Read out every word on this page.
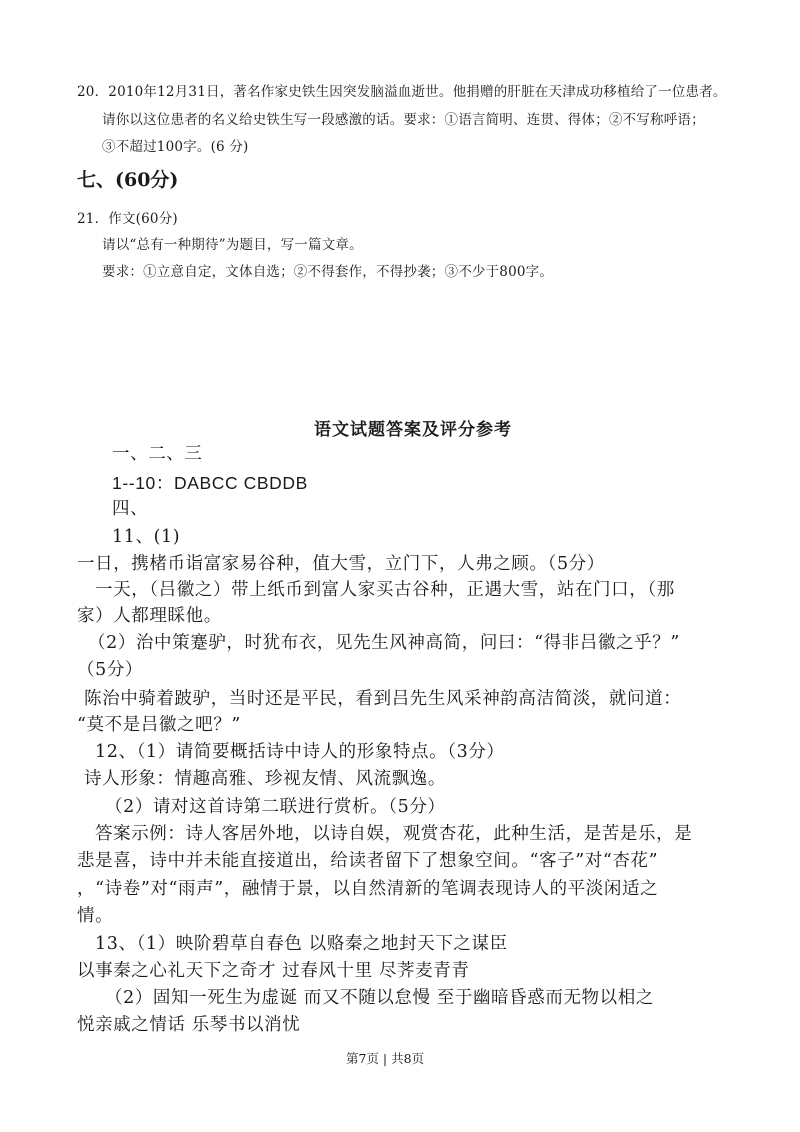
20．2010年12月31日，著名作家史铁生因突发脑溢血逝世。他捐赠的肝脏在天津成功移植给了一位患者。
请你以这位患者的名义给史铁生写一段感激的话。要求：①语言简明、连贯、得体；②不写称呼语；
③不超过100字。(6 分)
七、(60分)
21．作文(60分)
请以“总有一种期待”为题目，写一篇文章。
要求：①立意自定，文体自选；②不得套作，不得抄袭；③不少于800字。
语文试题答案及评分参考
一、二、三
1--10：DABCC CBDDB
四、
11、(1)
一日，携楮币诣富家易谷种，值大雪，立门下，人弗之顾。（5分）
一天，（吕徽之）带上纸币到富人家买古谷种，正遇大雪，站在门口，（那
家）人都理睬他。
（2）治中策蹇驴，时犹布衣，见先生风神高简，问曰：“得非吕徽之乎？”
（5分）
陈治中骑着跛驴，当时还是平民，看到吕先生风采神韵高洁简淡，就问道：
“莫不是吕徽之吧？”
12、（1）请简要概括诗中诗人的形象特点。（3分）
诗人形象：情趣高雅、珍视友情、风流飘逸。
（2）请对这首诗第二联进行赏析。（5分）
答案示例：诗人客居外地，以诗自娱，观赏杏花，此种生活，是苦是乐，是
悲是喜，诗中并未能直接道出，给读者留下了想象空间。“客子”对“杏花”
，“诗卷”对“雨声”，融情于景，以自然清新的笔调表现诗人的平淡闲适之
情。
13、（1）映阶碧草自春色 以赂秦之地封天下之谋臣
以事秦之心礼天下之奇才 过春风十里 尽荠麦青青
（2）固知一死生为虚诞 而又不随以怠慢 至于幽暗昏惑而无物以相之
悦亲戚之情话 乐琴书以消忧
第7页 | 共8页
